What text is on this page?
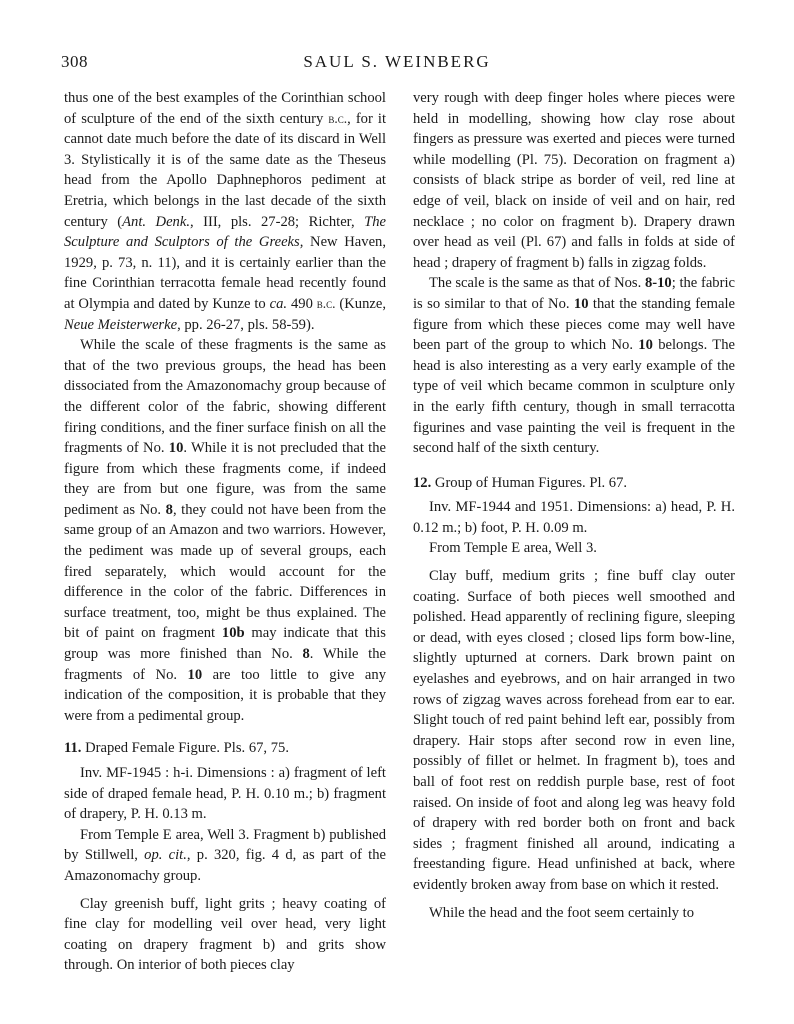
308	SAUL S. WEINBERG

thus one of the best examples of the Corinthian school of sculpture of the end of the sixth century b.c., for it cannot date much before the date of its discard in Well 3. Stylistically it is of the same date as the Theseus head from the Apollo Daphnephoros pediment at Eretria, which belongs in the last decade of the sixth century (Ant. Denk., III, pls. 27-28; Richter, The Sculpture and Sculptors of the Greeks, New Haven, 1929, p. 73, n. 11), and it is certainly earlier than the fine Corinthian terracotta female head recently found at Olympia and dated by Kunze to ca. 490 b.c. (Kunze, Neue Meisterwerke, pp. 26-27, pls. 58-59).

While the scale of these fragments is the same as that of the two previous groups, the head has been dissociated from the Amazonomachy group because of the different color of the fabric, showing different firing conditions, and the finer surface finish on all the fragments of No. 10. While it is not precluded that the figure from which these fragments come, if indeed they are from but one figure, was from the same pediment as No. 8, they could not have been from the same group of an Amazon and two warriors. However, the pediment was made up of several groups, each fired separately, which would account for the difference in the color of the fabric. Differences in surface treatment, too, might be thus explained. The bit of paint on fragment 10b may indicate that this group was more finished than No. 8. While the fragments of No. 10 are too little to give any indication of the composition, it is probable that they were from a pedimental group.

11. Draped Female Figure. Pls. 67, 75.

Inv. MF-1945 : h-i. Dimensions : a) fragment of left side of draped female head, P. H. 0.10 m.; b) fragment of drapery, P. H. 0.13 m.

From Temple E area, Well 3. Fragment b) published by Stillwell, op. cit., p. 320, fig. 4 d, as part of the Amazonomachy group.

Clay greenish buff, light grits ; heavy coating of fine clay for modelling veil over head, very light coating on drapery fragment b) and grits show through. On interior of both pieces clay

very rough with deep finger holes where pieces were held in modelling, showing how clay rose about fingers as pressure was exerted and pieces were turned while modelling (Pl. 75). Decoration on fragment a) consists of black stripe as border of veil, red line at edge of veil, black on inside of veil and on hair, red necklace ; no color on fragment b). Drapery drawn over head as veil (Pl. 67) and falls in folds at side of head ; drapery of fragment b) falls in zigzag folds.

The scale is the same as that of Nos. 8-10; the fabric is so similar to that of No. 10 that the standing female figure from which these pieces come may well have been part of the group to which No. 10 belongs. The head is also interesting as a very early example of the type of veil which became common in sculpture only in the early fifth century, though in small terracotta figurines and vase painting the veil is frequent in the second half of the sixth century.

12. Group of Human Figures. Pl. 67.

Inv. MF-1944 and 1951. Dimensions: a) head, P. H. 0.12 m.; b) foot, P. H. 0.09 m.

From Temple E area, Well 3.

Clay buff, medium grits ; fine buff clay outer coating. Surface of both pieces well smoothed and polished. Head apparently of reclining figure, sleeping or dead, with eyes closed ; closed lips form bow-line, slightly upturned at corners. Dark brown paint on eyelashes and eyebrows, and on hair arranged in two rows of zigzag waves across forehead from ear to ear. Slight touch of red paint behind left ear, possibly from drapery. Hair stops after second row in even line, possibly of fillet or helmet. In fragment b), toes and ball of foot rest on reddish purple base, rest of foot raised. On inside of foot and along leg was heavy fold of drapery with red border both on front and back sides ; fragment finished all around, indicating a freestanding figure. Head unfinished at back, where evidently broken away from base on which it rested.

While the head and the foot seem certainly to
